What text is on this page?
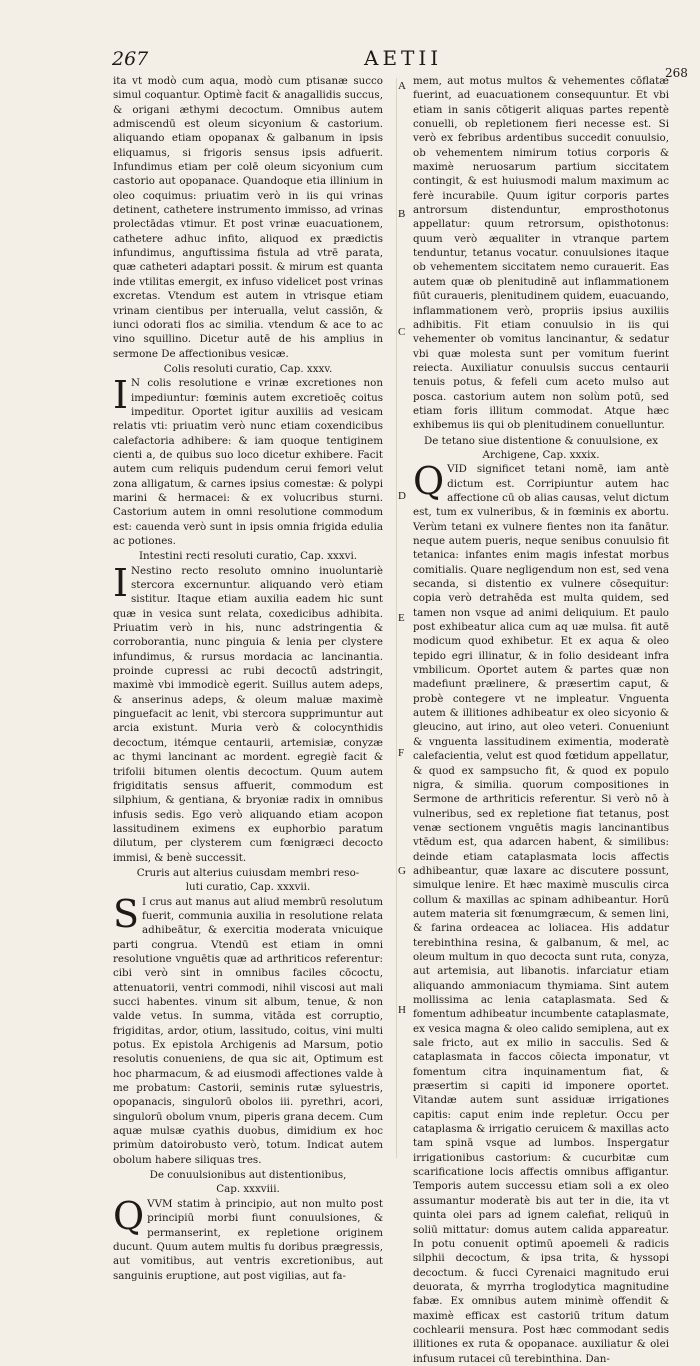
267	AETII
268
A
B
C
D
E
F
G
H

ita vt modò cum aqua, modò cum ptisanæ succo simul coquantur. Optimè facit & anagallidis succus, & origani æthymi decoctum. Omnibus autem admiscendū est oleum sicyonium & castorium. aliquando etiam opopanax & galbanum in ipsis eliquamus, si frigoris sensus ipsis adfuerit. Infundimus etiam per colē oleum sicyonium cum castorio aut opopanace. Quandoque etia illinium in oleo coquimus: priuatim verò in iis qui vrinas detinent, cathetere instrumento immisso, ad vrinas prolectādas vtimur. Et post vrinæ euacuationem, cathetere adhuc infito, aliquod ex prædictis infundimus, anguftissima fistula ad vtrē parata, quæ catheteri adaptari possit. & mirum est quanta inde vtilitas emergit, ex infuso videlicet post vrinas excretas. Vtendum est autem in vtrisque etiam vrinam cientibus per interualla, velut cassiōn, & iunci odorati flos ac similia. vtendum & ace to ac vino squillino. Dicetur autē de his amplius in sermone De affectionibus vesicæ.

Colis resoluti curatio, Cap. xxxv.

I N colis resolutione e vrinæ excretiones non impediuntur: fœminis autem excretioēς coitus impeditur. Oportet igitur auxiliis ad vesicam relatis vti: priuatim verò nunc etiam coxendicibus calefactoria adhibere: & iam quoque tentiginem cienti a, de quibus suo loco dicetur exhibere. Facit autem cum reliquis pudendum cerui femori velut zona alligatum, & carnes ipsius comestæ: & polypi marini & hermacei: & ex volucribus sturni. Castorium autem in omni resolutione commodum est: cauenda verò sunt in ipsis omnia frigida edulia ac potiones.

Intestini recti resoluti curatio, Cap. xxxvi.

I Nestino recto resoluto omnino inuoluntariè stercora excernuntur. aliquando verò etiam sistitur. Itaque etiam auxilia eadem hic sunt quæ in vesica sunt relata, coxedicibus adhibita. Priuatim verò in his, nunc adstringentia & corroborantia, nunc pinguia & lenia per clystere infundimus, & rursus mordacia ac lancinantia. proinde cupressi ac rubi decoctū adstringit, maximè vbi immodicè egerit. Suillus autem adeps, & anserinus adeps, & oleum maluæ maximè pinguefacit ac lenit, vbi stercora supprimuntur aut arcia existunt. Muria verò & colocynthidis decoctum, itémque centaurii, artemisiæ, conyzæ ac thymi lancinant ac mordent. egregiè facit & trifolii bitumen olentis decoctum. Quum autem frigiditatis sensus affuerit, commodum est silphium, & gentiana, & bryoniæ radix in omnibus infusis sedis. Ego verò aliquando etiam acopon lassitudinem eximens ex euphorbio paratum dilutum, per clysterem cum fœnigræci decocto immisi, & benè successit.

Cruris aut alterius cuiusdam membri reso-

luti curatio, Cap. xxxvii.

S I crus aut manus aut aliud membrū resolutum fuerit, communia auxilia in resolutione relata adhibeātur, & exercitia moderata vnicuique parti congrua. Vtendū est etiam in omni resolutione vnguētis quæ ad arthriticos referentur: cibi verò sint in omnibus faciles cōcoctu, attenuatorii, ventri commodi, nihil viscosi aut mali succi habentes. vinum sit album, tenue, & non valde vetus. In summa, vitāda est corruptio, frigiditas, ardor, otium, lassitudo, coitus, vini multi potus. Ex epistola Archigenis ad Marsum, potio resolutis conueniens, de qua sic ait, Optimum est hoc pharmacum, & ad eiusmodi affectiones valde à me probatum: Castorii, seminis rutæ syluestris, opopanacis, singulorū obolos iii. pyrethri, acori, singulorū obolum vnum, piperis grana decem. Cum aquæ mulsæ cyathis duobus, dimidium ex hoc primùm datoirobusto verò, totum. Indicat autem obolum habere siliquas tres.

De conuulsionibus aut distentionibus,

Cap. xxxviii.

QVVM statim à principio, aut non multo post principiū morbi fiunt conuulsiones, & permanserint, ex repletione originem ducunt. Quum autem multis fu doribus prægressis, aut vomitibus, aut ventris excretionibus, aut sanguinis eruptione, aut post vigilias, aut fa-

mem, aut motus multos & vehementes cōflatæ fuerint, ad euacuationem consequuntur. Et vbi etiam in sanis cōtigerit aliquas partes repentè conuelli, ob repletionem fieri necesse est. Si verò ex febribus ardentibus succedit conuulsio, ob vehementem nimirum totius corporis & maximè neruosarum partium siccitatem contingit, & est huiusmodi malum maximum ac ferè incurabile. Quum igitur corporis partes antrorsum distenduntur, emprosthotonus appellatur: quum retrorsum, opisthotonus: quum verò æqualiter in vtranque partem tenduntur, tetanus vocatur. conuulsiones itaque ob vehementem siccitatem nemo curauerit. Eas autem quæ ob plenitudinē aut inflammationem fiūt curaueris, plenitudinem quidem, euacuando, inflammationem verò, propriis ipsius auxiliis adhibitis. Fit etiam conuulsio in iis qui vehementer ob vomitus lancinantur, & sedatur vbi quæ molesta sunt per vomitum fuerint reiecta. Auxiliatur conuulsis succus centaurii tenuis potus, & fefeli cum aceto mulso aut posca. castorium autem non solùm potū, sed etiam foris illitum commodat. Atque hæc exhibemus iis qui ob plenitudinem conuelluntur.

De tetano siue distentione & conuulsione, ex

Archigene, Cap. xxxix.

QVID significet tetani nomē, iam antè dictum est. Corripiuntur autem hac affectione cū ob alias causas, velut dictum est, tum ex vulneribus, & in fœminis ex abortu. Verùm tetani ex vulnere fientes non ita fanātur. neque autem pueris, neque senibus conuulsio fit tetanica: infantes enim magis infestat morbus comitialis. Quare negligendum non est, sed vena secanda, si distentio ex vulnere cōsequitur: copia verò detrahēda est multa quidem, sed tamen non vsque ad animi deliquium. Et paulo post exhibeatur alica cum aq uæ mulsa. fit autē modicum quod exhibetur. Et ex aqua & oleo tepido egri illinatur, & in folio desideant infra vmbilicum. Oportet autem & partes quæ non madefiunt prælinere, & præsertim caput, & probè contegere vt ne impleatur. Vnguenta autem & illitiones adhibeatur ex oleo sicyonio & gleucino, aut irino, aut oleo veteri. Conueniunt & vnguenta lassitudinem eximentia, moderatè calefacientia, velut est quod fœtidum appellatur, & quod ex sampsucho fit, & quod ex populo nigra, & similia. quorum compositiones in Sermone de arthriticis referentur. Si verò nō à vulneribus, sed ex repletione fiat tetanus, post venæ sectionem vnguētis magis lancinantibus vtēdum est, qua adarcen habent, & similibus: deinde etiam cataplasmata locis affectis adhibeantur, quæ laxare ac discutere possunt, simulque lenire. Et hæc maximè musculis circa collum & maxillas ac spinam adhibeantur. Horū autem materia sit fœnumgræcum, & semen lini, & farina ordeacea ac loliacea. His addatur terebinthina resina, & galbanum, & mel, ac oleum multum in quo decocta sunt ruta, conyza, aut artemisia, aut libanotis. infarciatur etiam aliquando ammoniacum thymiama. Sint autem mollissima ac lenia cataplasmata. Sed & fomentum adhibeatur incumbente cataplasmate, ex vesica magna & oleo calido semiplena, aut ex sale fricto, aut ex milio in sacculis. Sed & cataplasmata in faccos cōiecta imponatur, vt fomentum citra inquinamentum fiat, & præsertim si capiti id imponere oportet. Vitandæ autem sunt assiduæ irrigationes capitis: caput enim inde repletur. Occu per cataplasma & irrigatio ceruicem & maxillas acto tam spinā vsque ad lumbos. Inspergatur irrigationibus castorium: & cucurbitæ cum scarificatione locis affectis omnibus affigantur. Temporis autem successu etiam soli a ex oleo assumantur moderatè bis aut ter in die, ita vt quinta olei pars ad ignem calefiat, reliquū in soliū mittatur: domus autem calida appareatur. In potu conuenit optimū apoemeli & radicis silphii decoctum, & ipsa trita, & hyssopi decoctum. & fucci Cyrenaici magnitudo erui deuorata, & myrrha troglodytica magnitudine fabæ. Ex omnibus autem minimè offendit & maximè efficax est castoriū tritum datum cochlearii mensura. Post hæc commodant sedis illitiones ex ruta & opopanace. auxiliatur & olei infusum rutacei cū terebinthina. Dan-
